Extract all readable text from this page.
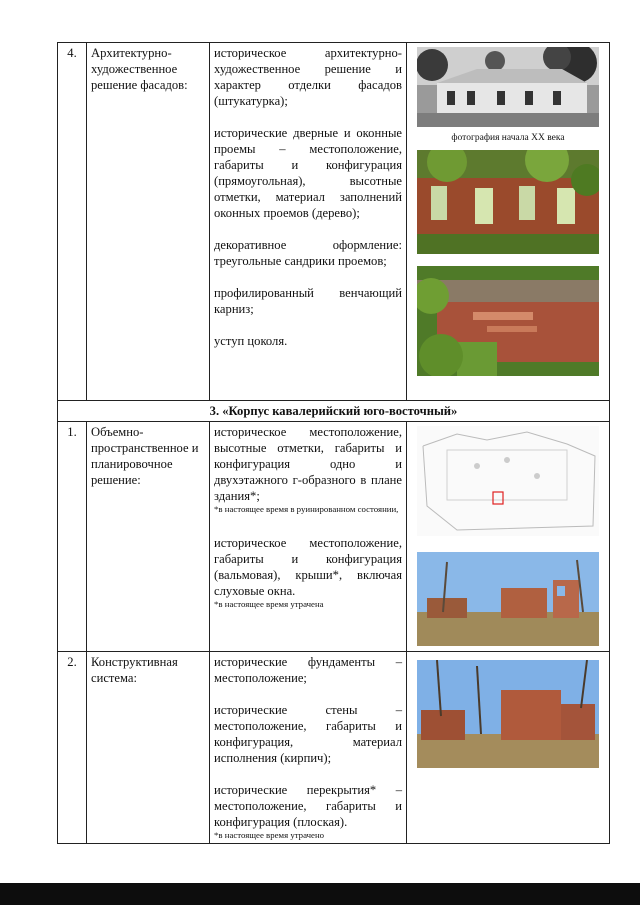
4.	Архитектурно-художественное решение фасадов:	историческое архитектурно-художественное решение и характер отделки фасадов (штукатурка);

исторические дверные и оконные проемы – местоположение, габариты и конфигурация (прямоугольная), высотные отметки, материал заполнений оконных проемов (дерево);

декоративное оформление: треугольные сандрики проемов;

профилированный венчающий карниз;

уступ цоколя.	фотография начала XX века

3. «Корпус кавалерийский юго-восточный»			
1.	Объемно-пространственное и планировочное решение:	историческое местоположение, высотные отметки, габариты и конфигурация одно и двухэтажного г-образного в плане здания*;

*в настоящее время в руинированном состоянии,

историческое местоположение, габариты и конфигурация (вальмовая), крыши*, включая слуховые окна.

*в настоящее время утрачена

2.	Конструктивная система:	исторические фундаменты – местоположение;

исторические стены – местоположение, габариты и конфигурация, материал исполнения (кирпич);

исторические перекрытия* – местоположение, габариты и конфигурация (плоская).

*в настоящее время утрачено
